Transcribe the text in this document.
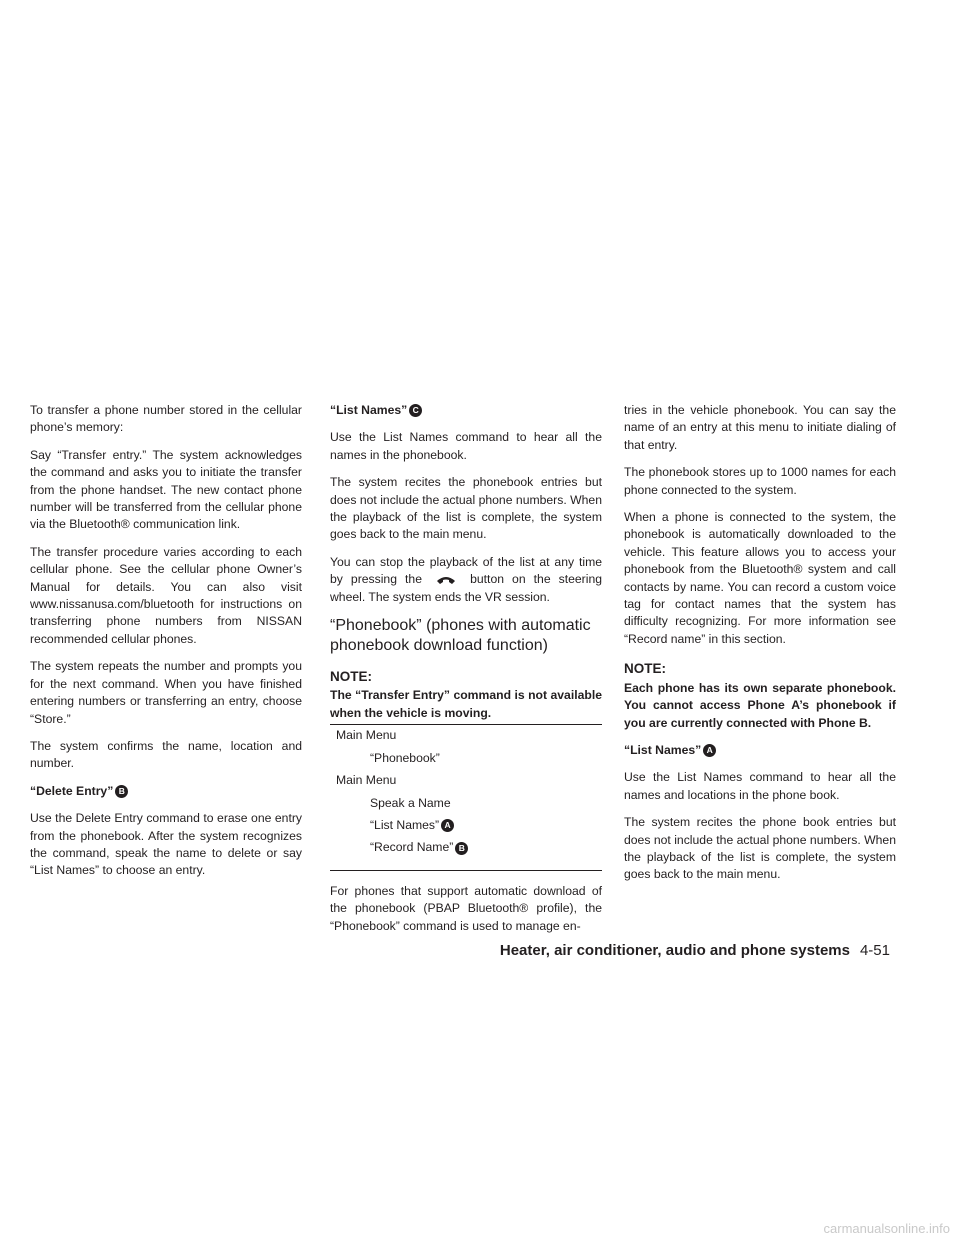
To transfer a phone number stored in the cellular phone’s memory:

Say “Transfer entry.” The system acknowledges the command and asks you to initiate the transfer from the phone handset. The new contact phone number will be transferred from the cellular phone via the Bluetooth® communication link.

The transfer procedure varies according to each cellular phone. See the cellular phone Owner’s Manual for details. You can also visit www.nissanusa.com/bluetooth for instructions on transferring phone numbers from NISSAN recommended cellular phones.

The system repeats the number and prompts you for the next command. When you have finished entering numbers or transferring an entry, choose “Store.”

The system confirms the name, location and number.

“Delete Entry” B

Use the Delete Entry command to erase one entry from the phonebook. After the system recognizes the command, speak the name to delete or say “List Names” to choose an entry.

“List Names” C

Use the List Names command to hear all the names in the phonebook.

The system recites the phonebook entries but does not include the actual phone numbers. When the playback of the list is complete, the system goes back to the main menu.

You can stop the playback of the list at any time by pressing the	button on the steering wheel. The system ends the VR session.

“Phonebook” (phones with automatic phonebook download function)
NOTE:
The “Transfer Entry” command is not available when the vehicle is moving.
Main Menu
“Phonebook”
Main Menu
Speak a Name
“List Names” A
“Record Name” B

For phones that support automatic download of the phonebook (PBAP Bluetooth® profile), the “Phonebook” command is used to manage en-

tries in the vehicle phonebook. You can say the name of an entry at this menu to initiate dialing of that entry.

The phonebook stores up to 1000 names for each phone connected to the system.

When a phone is connected to the system, the phonebook is automatically downloaded to the vehicle. This feature allows you to access your phonebook from the Bluetooth® system and call contacts by name. You can record a custom voice tag for contact names that the system has difficulty recognizing. For more information see “Record name” in this section.

NOTE:

Each phone has its own separate phonebook. You cannot access Phone A’s phonebook if you are currently connected with Phone B.

“List Names” A

Use the List Names command to hear all the names and locations in the phone book.

The system recites the phone book entries but does not include the actual phone numbers. When the playback of the list is complete, the system goes back to the main menu.

Heater, air conditioner, audio and phone systems 4-51
carmanualsonline.info
